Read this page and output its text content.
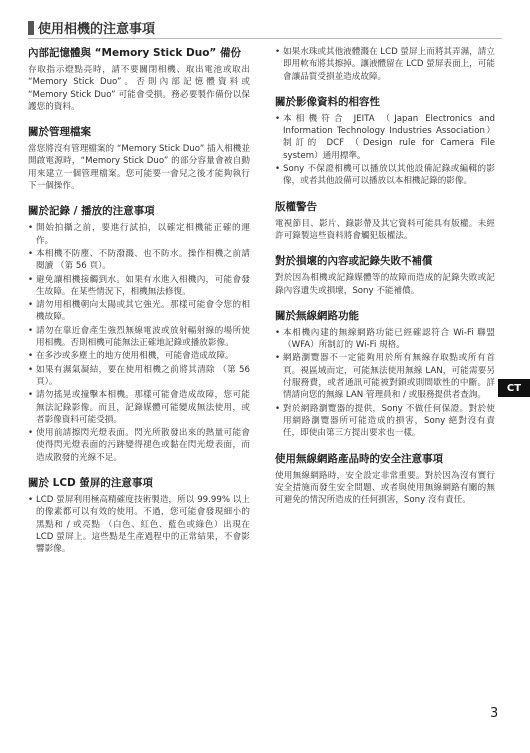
使用相機的注意事項
內部記憶體與 “Memory Stick Duo” 備份

存取指示燈點亮時，請不要關閉相機、取出電池或取出 “Memory Stick Duo”。否則內部記憶體資料或 “Memory Stick Duo” 可能會受損。務必要製作備份以保護您的資料。

關於管理檔案

當您將沒有管理檔案的 “Memory Stick Duo” 插入相機並開啟電源時，“Memory Stick Duo” 的部分容量會被自動用來建立一個管理檔案。您可能要一會兒之後才能夠執行下一個操作。

關於記錄 / 播放的注意事項
• 開始拍攝之前，要進行試拍，以確定相機能正確的運作。
• 本相機不防塵、不防潑濺、也不防水。操作相機之前請閱讀 （第 56 頁）。
• 避免讓相機接觸到水。如果有水進入相機內，可能會發生故障。在某些情況下，相機無法修復。
• 請勿用相機朝向太陽或其它強光。那樣可能會令您的相機故障。
• 請勿在靠近會產生強烈無線電波或放射輻射線的場所使用相機。否則相機可能無法正確地記錄或播放影像。
• 在多沙或多塵土的地方使用相機，可能會造成故障。
• 如果有濕氣凝結，要在使用相機之前將其清除 （第 56 頁）。
• 請勿搖晃或撞擊本相機。那樣可能會造成故障，您可能無法記錄影像。而且，記錄媒體可能變成無法使用，或者影像資料可能受損。
• 使用前請擦閃光燈表面。閃光所散發出來的熱量可能會使得閃光燈表面的污跡變得褪色或黏在閃光燈表面，而造成散發的光線不足。
關於 LCD 螢屏的注意事項
• LCD 螢屏利用極高精確度技術製造，所以 99.99% 以上的像素都可以有效的使用。不過，您可能會發現細小的黑點和 / 或亮點 （白色、紅色、藍色或綠色）出現在 LCD 螢屏上。這些點是生產過程中的正常結果，不會影響影像。
• 如果水珠或其他液體濺在 LCD 螢屏上而將其弄濕，請立即用軟布將其擦掉。讓液體留在 LCD 螢屏表面上，可能會讓品質受損並造成故障。
關於影像資料的相容性
• 本相機符合 JEITA （Japan Electronics and Information Technology Industries Association）制訂的 DCF （Design rule for Camera File system）通用標準。
• Sony 不保證相機可以播放以其他設備記錄或編輯的影像，或者其他設備可以播放以本相機記錄的影像。
版權警告

電視節目、影片、錄影帶及其它資料可能具有版權。未經許可錄製這些資料將會觸犯版權法。

對於損壞的內容或記錄失敗不補償

對於因為相機或記錄媒體等的故障而造成的記錄失敗或記錄內容遺失或損壞，Sony 不能補償。

關於無線網路功能
• 本相機內建的無線網路功能已經確認符合 Wi-Fi 聯盟 （WFA）所制訂的 Wi-Fi 規格。
• 網路瀏覽器不一定能夠用於所有無線存取點或所有首頁。視區域而定，可能無法使用無線 LAN，可能需要另付服務費，或者通訊可能被對鎖或則間歇性的中斷。詳情請向您的無線 LAN 管理員和 / 或服務提供者查詢。
• 對於網路瀏覽器的提供，Sony 不做任何保證。對於使用網路瀏覽器所可能造成的損害，Sony 絕對沒有責任，即使由第三方提出要求也一樣。
使用無線網路產品時的安全注意事項

使用無線網路時，安全設定非常重要。對於因為沒有實行安全措施而發生安全問題、或者與使用無線網路有關的無可避免的情況所造成的任何損害，Sony 沒有責任。

CT
3
